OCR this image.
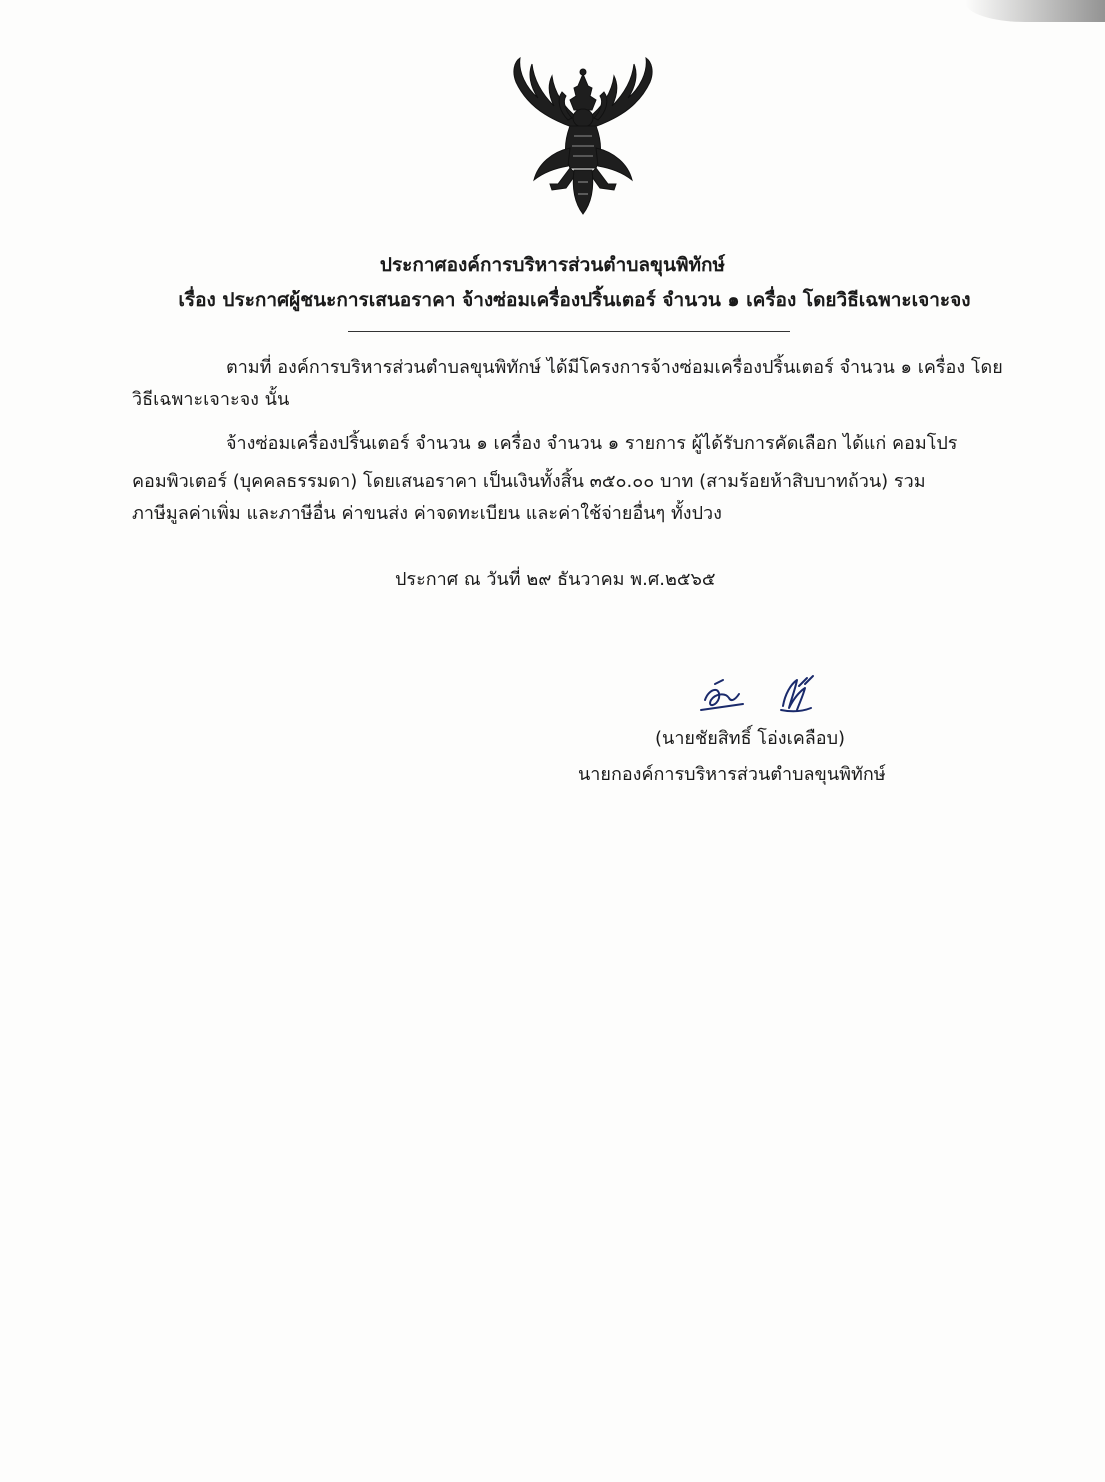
ประกาศองค์การบริหารส่วนตำบลขุนพิทักษ์
เรื่อง ประกาศผู้ชนะการเสนอราคา จ้างซ่อมเครื่องปริ้นเตอร์ จำนวน ๑ เครื่อง โดยวิธีเฉพาะเจาะจง
ตามที่ องค์การบริหารส่วนตำบลขุนพิทักษ์ ได้มีโครงการจ้างซ่อมเครื่องปริ้นเตอร์ จำนวน ๑ เครื่อง โดย
วิธีเฉพาะเจาะจง นั้น
จ้างซ่อมเครื่องปริ้นเตอร์ จำนวน ๑ เครื่อง จำนวน ๑ รายการ ผู้ได้รับการคัดเลือก ได้แก่ คอมโปร
คอมพิวเตอร์ (บุคคลธรรมดา) โดยเสนอราคา เป็นเงินทั้งสิ้น ๓๕๐.๐๐ บาท (สามร้อยห้าสิบบาทถ้วน) รวม
ภาษีมูลค่าเพิ่ม และภาษีอื่น ค่าขนส่ง ค่าจดทะเบียน และค่าใช้จ่ายอื่นๆ ทั้งปวง
ประกาศ ณ วันที่ ๒๙ ธันวาคม พ.ศ.๒๕๖๕
(นายชัยสิทธิ์ โอ่งเคลือบ)
นายกองค์การบริหารส่วนตำบลขุนพิทักษ์
